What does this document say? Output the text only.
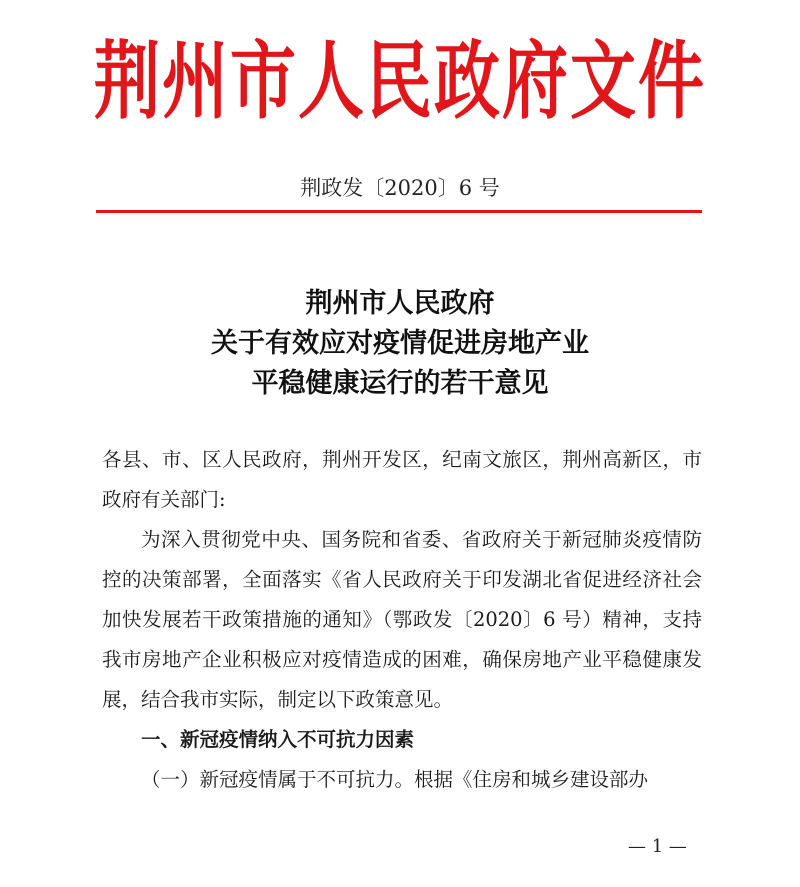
荆州市人民政府文件
荆政发〔2020〕6 号
荆州市人民政府
关于有效应对疫情促进房地产业
平稳健康运行的若干意见

各县、市、区人民政府，荆州开发区，纪南文旅区，荆州高新区，市政府有关部门:

为深入贯彻党中央、国务院和省委、省政府关于新冠肺炎疫情防控的决策部署，全面落实《省人民政府关于印发湖北省促进经济社会加快发展若干政策措施的通知》（鄂政发〔2020〕6 号）精神，支持我市房地产企业积极应对疫情造成的困难，确保房地产业平稳健康发展，结合我市实际，制定以下政策意见。

一、新冠疫情纳入不可抗力因素

（一）新冠疫情属于不可抗力。根据《住房和城乡建设部办

— 1 —
